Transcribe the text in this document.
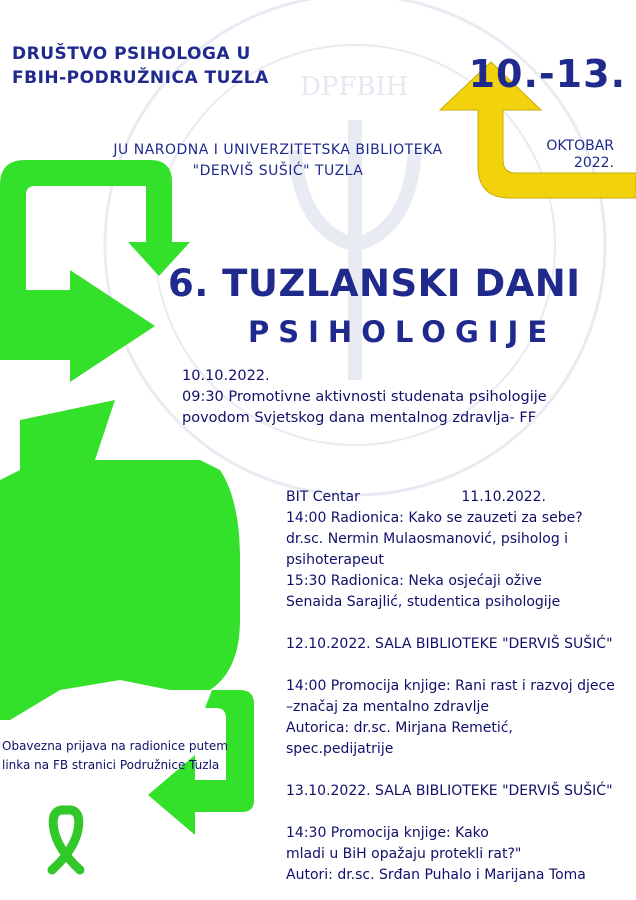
DPFBIH

DRUŠTVO PSIHOLOGA U

FBIH-PODRUŽNICA TUZLA	10.-13.

OKTOBAR

2022.

JU NARODNA I UNIVERZITETSKA BIBLIOTEKA

"DERVIŠ SUŠIĆ" TUZLA

6. TUZLANSKI DANI
PSIHOLOGIJE

10.10.2022.

09:30 Promotivne aktivnosti studenata psihologije

povodom Svjetskog dana mentalnog zdravlja- FF

BIT Centar	11.10.2022.

14:00 Radionica: Kako se zauzeti za sebe?

dr.sc. Nermin Mulaosmanović, psiholog i

psihoterapeut

15:30 Radionica: Neka osjećaji ožive

Senaida Sarajlić, studentica psihologije

12.10.2022. SALA BIBLIOTEKE "DERVIŠ SUŠIĆ"

14:00 Promocija knjige: Rani rast i razvoj djece

–značaj za mentalno zdravlje

Autorica: dr.sc. Mirjana Remetić, spec.pedijatrije

13.10.2022. SALA BIBLIOTEKE "DERVIŠ SUŠIĆ"

14:30 Promocija knjige: Kako

mladi u BiH opažaju protekli rat?"

Autori: dr.sc. Srđan Puhalo i Marijana Toma

Obavezna prijava na radionice putem

linka na FB stranici Podružnice Tuzla
